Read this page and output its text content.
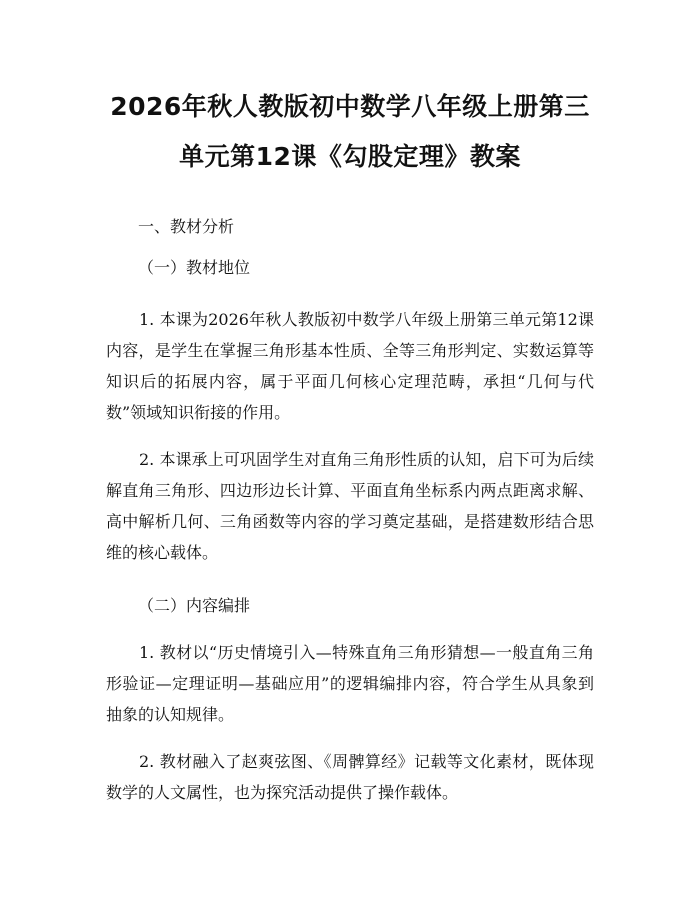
2026年秋人教版初中数学八年级上册第三单元第12课《勾股定理》教案

一、教材分析

（一）教材地位

1. 本课为2026年秋人教版初中数学八年级上册第三单元第12课内容，是学生在掌握三角形基本性质、全等三角形判定、实数运算等知识后的拓展内容，属于平面几何核心定理范畴，承担“几何与代数”领域知识衔接的作用。

2. 本课承上可巩固学生对直角三角形性质的认知，启下可为后续解直角三角形、四边形边长计算、平面直角坐标系内两点距离求解、高中解析几何、三角函数等内容的学习奠定基础，是搭建数形结合思维的核心载体。

（二）内容编排

1. 教材以“历史情境引入—特殊直角三角形猜想—一般直角三角形验证—定理证明—基础应用”的逻辑编排内容，符合学生从具象到抽象的认知规律。

2. 教材融入了赵爽弦图、《周髀算经》记载等文化素材，既体现数学的人文属性，也为探究活动提供了操作载体。
